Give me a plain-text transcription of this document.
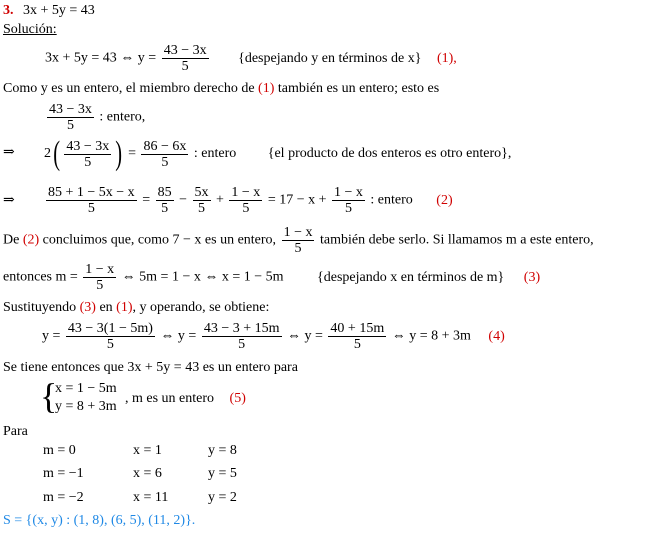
3. 3x + 5y = 43
Solución:
3x + 5y = 43 ⇔ $y = \frac{43 - 3x}{5}$ {despejando y en términos de x} (1),
Como y es un entero, el miembro derecho de (1) también es un entero; esto es
$\frac{43 - 3x}{5}$ : entero,
⇒ $2( \frac{43 - 3x}{5}$ ) = $\frac{86 - 6x}{5}$ : entero {el producto de dos enteros es otro entero},
⇒ $\frac{85 + 1 - 5x - x}{5} = \frac{85}{5} - \frac{5x}{5} + \frac{1 - x}{5} = 17 - x + \frac{1 - x}{5}$ : entero (2)
De (2) concluimos que, como 7 − x es un entero, $\frac{1 - x}{5}$ también debe serlo. Si llamamos m a este entero,
entonces $m = \frac{1 - x}{5}$ ⇔ 5m = 1 − x ⇔ x = 1 − 5m {despejando x en términos de m} (3)
Sustituyendo (3) en (1), y operando, se obtiene:
$y = \frac{43 - 3(1 - 5m)}{5}$ ⇔ $y = \frac{43 - 3 + 15m}{5}$ ⇔ $y = \frac{40 + 15m}{5}$ ⇔ y = 8 + 3m (4)
Se tiene entonces que 3x + 5y = 43 es un entero para
{
x = 1 − 5m
y = 8 + 3m
, m es un entero (5)
Para
m = 0	x = 1	y = 8
m = −1	x = 6	y = 5
m = −2	x = 11	y = 2
S = {(x, y) : (1, 8), (6, 5), (11, 2)}.
